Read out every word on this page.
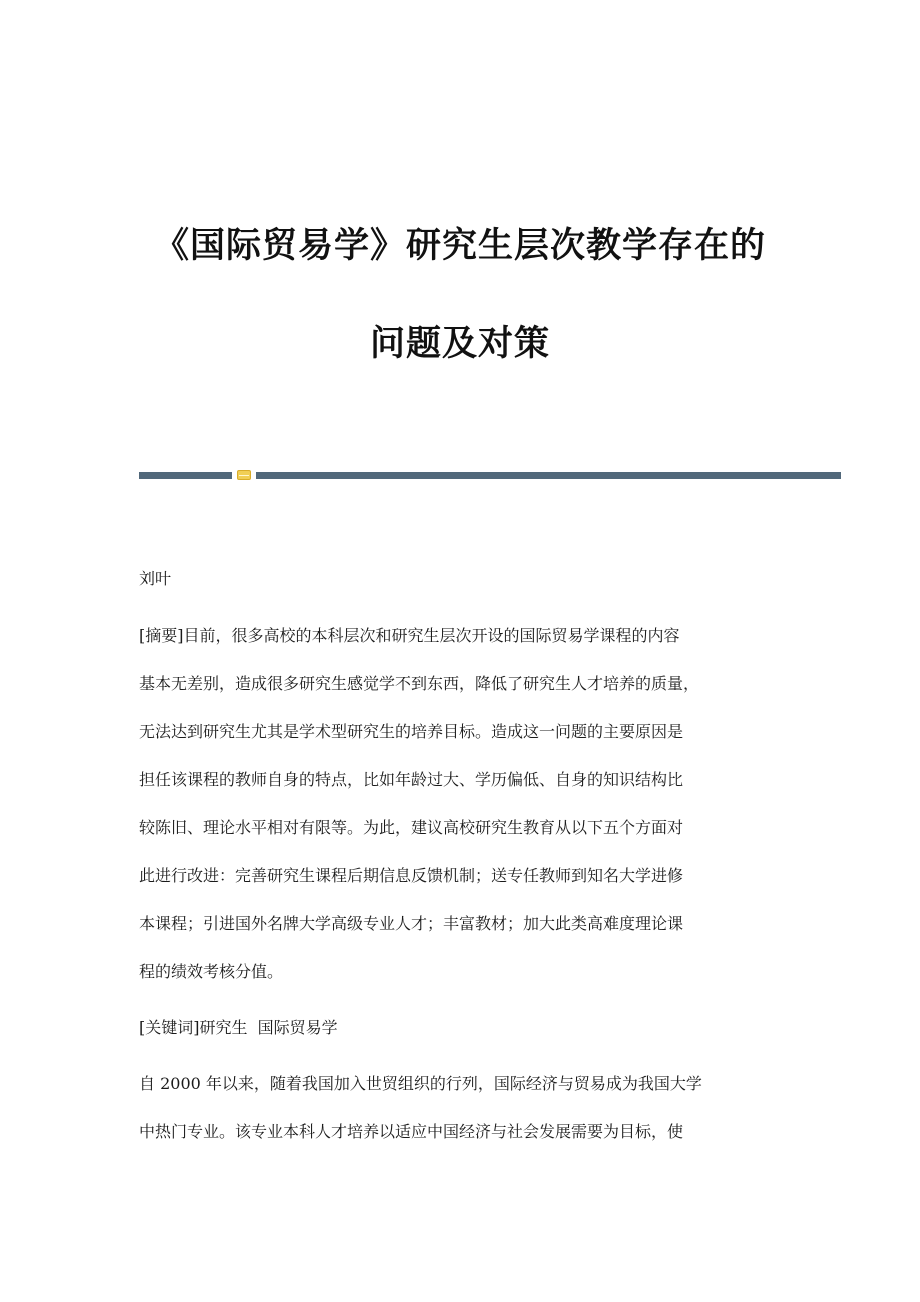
《国际贸易学》研究生层次教学存在的
问题及对策
刘叶
[摘要]目前，很多高校的本科层次和研究生层次开设的国际贸易学课程的内容
基本无差别，造成很多研究生感觉学不到东西，降低了研究生人才培养的质量，
无法达到研究生尤其是学术型研究生的培养目标。造成这一问题的主要原因是
担任该课程的教师自身的特点，比如年龄过大、学历偏低、自身的知识结构比
较陈旧、理论水平相对有限等。为此，建议高校研究生教育从以下五个方面对
此进行改进：完善研究生课程后期信息反馈机制；送专任教师到知名大学进修
本课程；引进国外名牌大学高级专业人才；丰富教材；加大此类高难度理论课
程的绩效考核分值。
[关键词]研究生  国际贸易学
自 2000 年以来，随着我国加入世贸组织的行列，国际经济与贸易成为我国大学
中热门专业。该专业本科人才培养以适应中国经济与社会发展需要为目标，使
